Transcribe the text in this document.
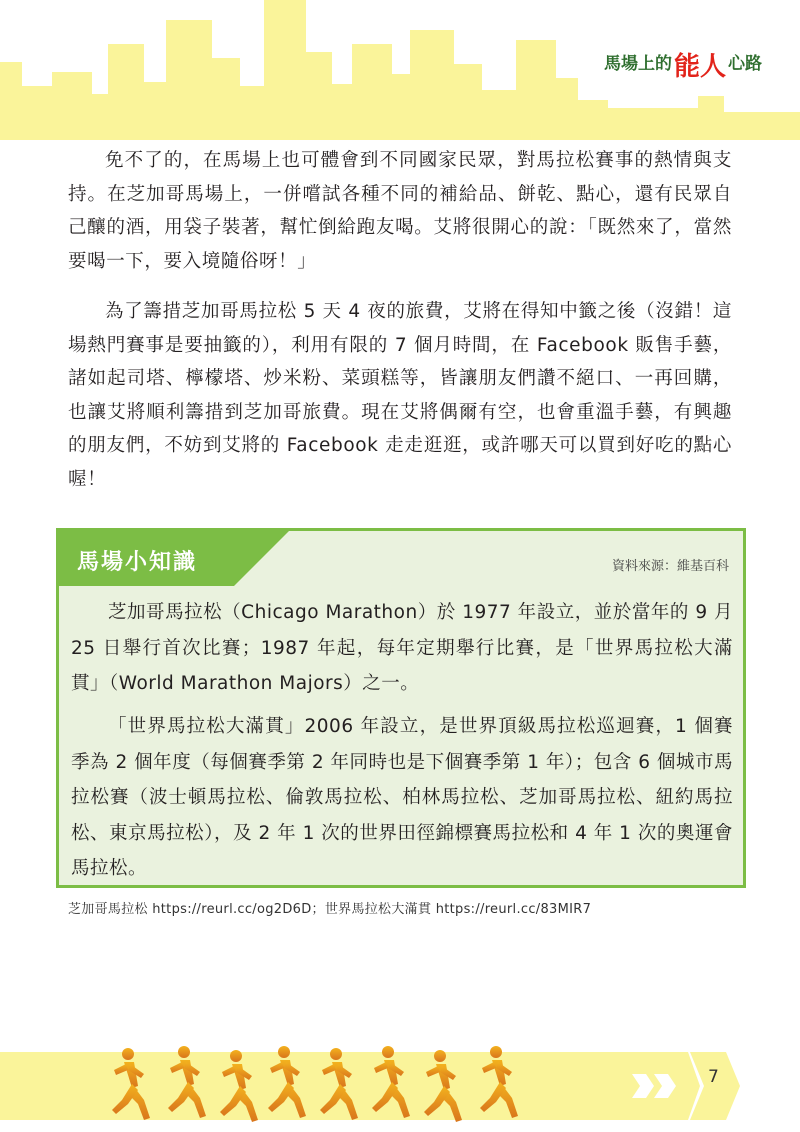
馬場上的 能人 心路

免不了的，在馬場上也可體會到不同國家民眾，對馬拉松賽事的熱情與支持。在芝加哥馬場上，一併嚐試各種不同的補給品、餅乾、點心，還有民眾自己釀的酒，用袋子裝著，幫忙倒給跑友喝。艾將很開心的說：「既然來了，當然要喝一下，要入境隨俗呀！」

為了籌措芝加哥馬拉松 5 天 4 夜的旅費，艾將在得知中籤之後（沒錯！這場熱門賽事是要抽籤的），利用有限的 7 個月時間，在 Facebook 販售手藝，諸如起司塔、檸檬塔、炒米粉、菜頭糕等，皆讓朋友們讚不絕口、一再回購，也讓艾將順利籌措到芝加哥旅費。現在艾將偶爾有空，也會重溫手藝，有興趣的朋友們，不妨到艾將的 Facebook 走走逛逛，或許哪天可以買到好吃的點心喔！

馬場小知識	資料來源：維基百科

芝加哥馬拉松（Chicago Marathon）於 1977 年設立，並於當年的 9 月 25 日舉行首次比賽；1987 年起，每年定期舉行比賽，是「世界馬拉松大滿貫」（World Marathon Majors）之一。

「世界馬拉松大滿貫」2006 年設立，是世界頂級馬拉松巡迴賽，1 個賽季為 2 個年度（每個賽季第 2 年同時也是下個賽季第 1 年）；包含 6 個城市馬拉松賽（波士頓馬拉松、倫敦馬拉松、柏林馬拉松、芝加哥馬拉松、紐約馬拉松、東京馬拉松），及 2 年 1 次的世界田徑錦標賽馬拉松和 4 年 1 次的奧運會馬拉松。

芝加哥馬拉松 https://reurl.cc/og2D6D；世界馬拉松大滿貫 https://reurl.cc/83MIR7
7
